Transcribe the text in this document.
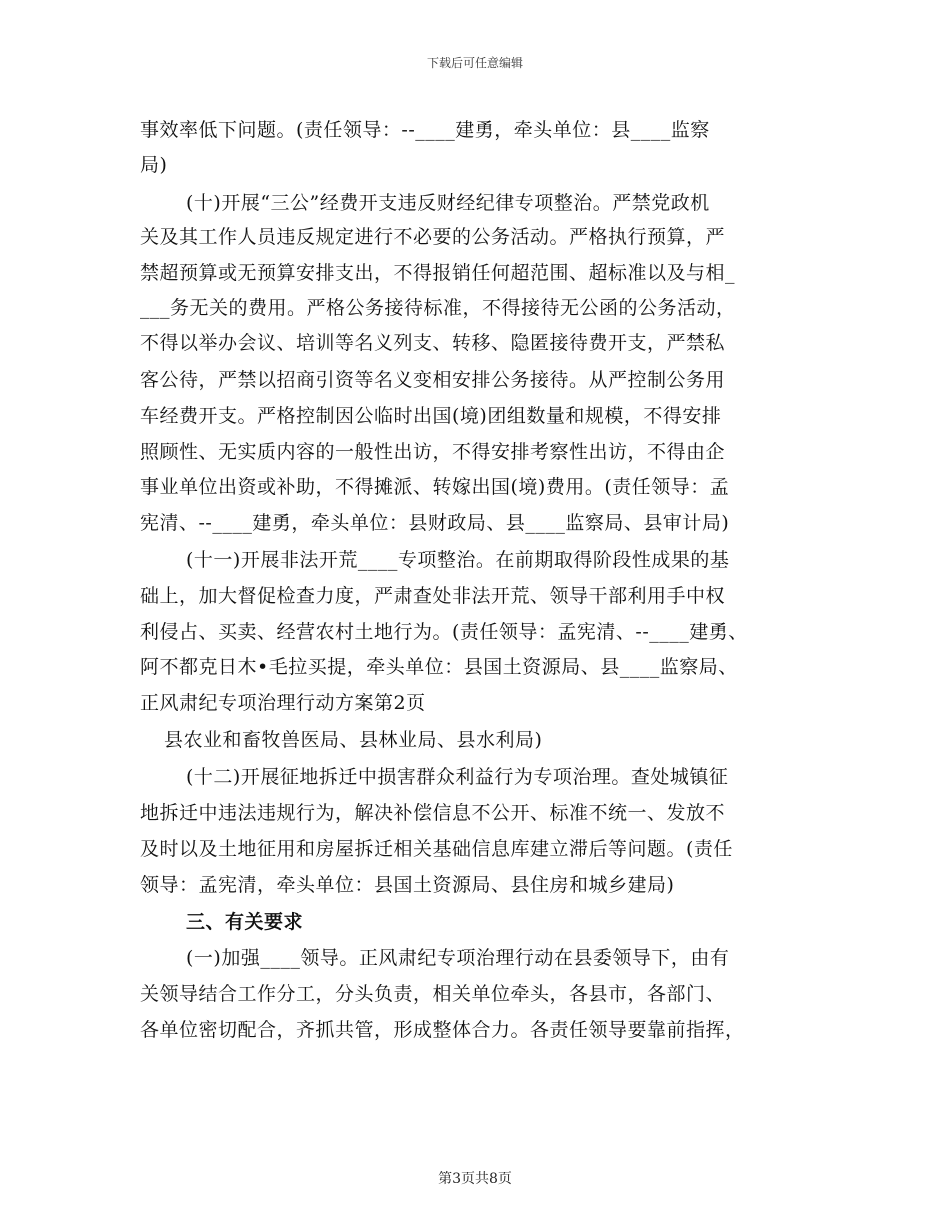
下载后可任意编辑
事效率低下问题。(责任领导：--____建勇，牵头单位：县____监察
局)
(十)开展“三公”经费开支违反财经纪律专项整治。严禁党政机
关及其工作人员违反规定进行不必要的公务活动。严格执行预算，严
禁超预算或无预算安排支出，不得报销任何超范围、超标准以及与相_
___务无关的费用。严格公务接待标准，不得接待无公函的公务活动，
不得以举办会议、培训等名义列支、转移、隐匿接待费开支，严禁私
客公待，严禁以招商引资等名义变相安排公务接待。从严控制公务用
车经费开支。严格控制因公临时出国(境)团组数量和规模，不得安排
照顾性、无实质内容的一般性出访，不得安排考察性出访，不得由企
事业单位出资或补助，不得摊派、转嫁出国(境)费用。(责任领导：孟
宪清、--____建勇，牵头单位：县财政局、县____监察局、县审计局)
(十一)开展非法开荒____专项整治。在前期取得阶段性成果的基
础上，加大督促检查力度，严肃查处非法开荒、领导干部利用手中权
利侵占、买卖、经营农村土地行为。(责任领导：孟宪清、--____建勇、
阿不都克日木•毛拉买提，牵头单位：县国土资源局、县____监察局、
正风肃纪专项治理行动方案第2页
县农业和畜牧兽医局、县林业局、县水利局)
(十二)开展征地拆迁中损害群众利益行为专项治理。查处城镇征
地拆迁中违法违规行为，解决补偿信息不公开、标准不统一、发放不
及时以及土地征用和房屋拆迁相关基础信息库建立滞后等问题。(责任
领导：孟宪清，牵头单位：县国土资源局、县住房和城乡建局)
三、有关要求
(一)加强____领导。正风肃纪专项治理行动在县委领导下，由有
关领导结合工作分工，分头负责，相关单位牵头，各县市，各部门、
各单位密切配合，齐抓共管，形成整体合力。各责任领导要靠前指挥，
第3页共8页
